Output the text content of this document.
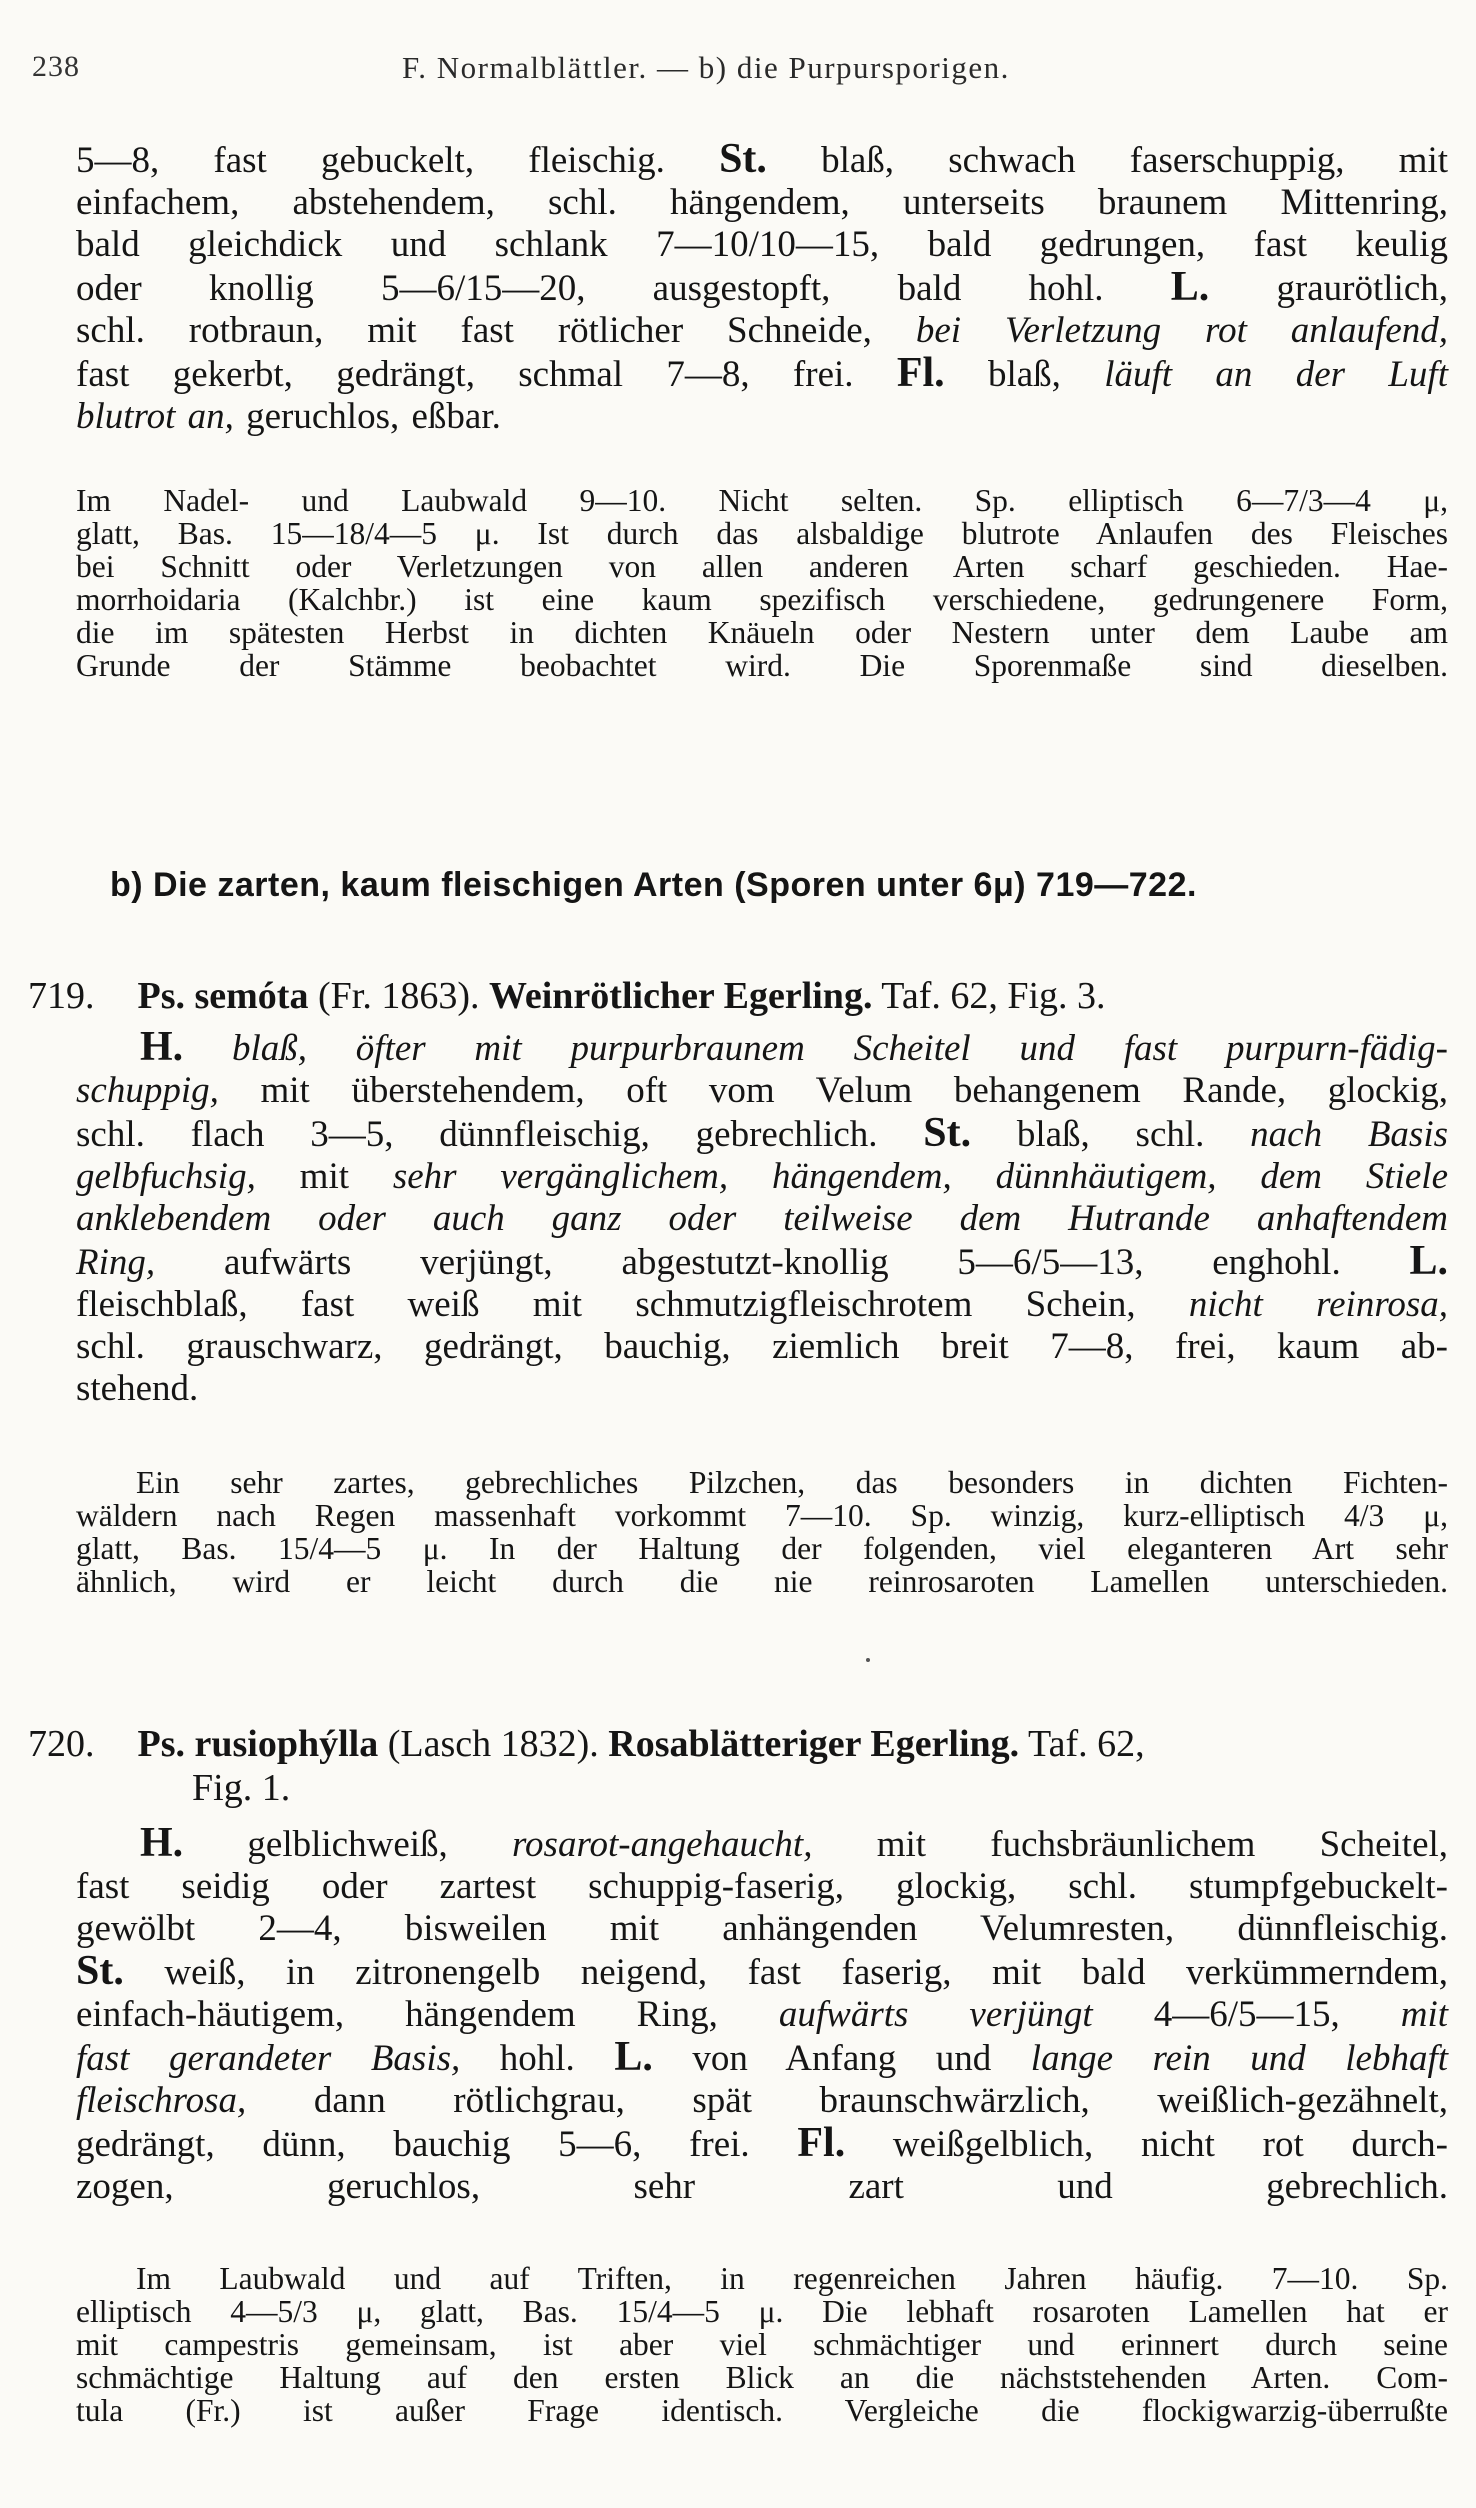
238	F. Normalblättler. — b) die Purpursporigen.
5—8, fast gebuckelt, fleischig. St. blaß, schwach faserschuppig, mit
einfachem, abstehendem, schl. hängendem, unterseits braunem Mittenring,
bald gleichdick und schlank 7—10/10—15, bald gedrungen, fast keulig
oder knollig 5—6/15—20, ausgestopft, bald hohl. L. graurötlich,
schl. rotbraun, mit fast rötlicher Schneide, bei Verletzung rot anlaufend,
fast gekerbt, gedrängt, schmal 7—8, frei. Fl. blaß, läuft an der Luft
blutrot an, geruchlos, eßbar.
Im Nadel- und Laubwald 9—10. Nicht selten. Sp. elliptisch 6—7/3—4 μ,
glatt, Bas. 15—18/4—5 μ. Ist durch das alsbaldige blutrote Anlaufen des Fleisches
bei Schnitt oder Verletzungen von allen anderen Arten scharf geschieden. Hae-
morrhoidaria (Kalchbr.) ist eine kaum spezifisch verschiedene, gedrungenere Form,
die im spätesten Herbst in dichten Knäueln oder Nestern unter dem Laube am
Grunde der Stämme beobachtet wird. Die Sporenmaße sind dieselben.
b) Die zarten, kaum fleischigen Arten (Sporen unter 6μ) 719—722.
719. Ps. semóta (Fr. 1863). Weinrötlicher Egerling. Taf. 62, Fig. 3.
H. blaß, öfter mit purpurbraunem Scheitel und fast purpurn-fädig-
schuppig, mit überstehendem, oft vom Velum behangenem Rande, glockig,
schl. flach 3—5, dünnfleischig, gebrechlich. St. blaß, schl. nach Basis
gelbfuchsig, mit sehr vergänglichem, hängendem, dünnhäutigem, dem Stiele
anklebendem oder auch ganz oder teilweise dem Hutrande anhaftendem
Ring, aufwärts verjüngt, abgestutzt-knollig 5—6/5—13, enghohl. L.
fleischblaß, fast weiß mit schmutzigfleischrotem Schein, nicht reinrosa,
schl. grauschwarz, gedrängt, bauchig, ziemlich breit 7—8, frei, kaum ab-
stehend.
Ein sehr zartes, gebrechliches Pilzchen, das besonders in dichten Fichten-
wäldern nach Regen massenhaft vorkommt 7—10. Sp. winzig, kurz-elliptisch 4/3 μ,
glatt, Bas. 15/4—5 μ. In der Haltung der folgenden, viel eleganteren Art sehr
ähnlich, wird er leicht durch die nie reinrosaroten Lamellen unterschieden.
720. Ps. rusiophýlla (Lasch 1832). Rosablätteriger Egerling. Taf. 62,
Fig. 1.
H. gelblichweiß, rosarot-angehaucht, mit fuchsbräunlichem Scheitel,
fast seidig oder zartest schuppig-faserig, glockig, schl. stumpfgebuckelt-
gewölbt 2—4, bisweilen mit anhängenden Velumresten, dünnfleischig.
St. weiß, in zitronengelb neigend, fast faserig, mit bald verkümmerndem,
einfach-häutigem, hängendem Ring, aufwärts verjüngt 4—6/5—15, mit
fast gerandeter Basis, hohl. L. von Anfang und lange rein und lebhaft
fleischrosa, dann rötlichgrau, spät braunschwärzlich, weißlich-gezähnelt,
gedrängt, dünn, bauchig 5—6, frei. Fl. weißgelblich, nicht rot durch-
zogen, geruchlos, sehr zart und gebrechlich.
Im Laubwald und auf Triften, in regenreichen Jahren häufig. 7—10. Sp.
elliptisch 4—5/3 μ, glatt, Bas. 15/4—5 μ. Die lebhaft rosaroten Lamellen hat er
mit campestris gemeinsam, ist aber viel schmächtiger und erinnert durch seine
schmächtige Haltung auf den ersten Blick an die nächststehenden Arten. Com-
tula (Fr.) ist außer Frage identisch. Vergleiche die flockigwarzig-überrußte
